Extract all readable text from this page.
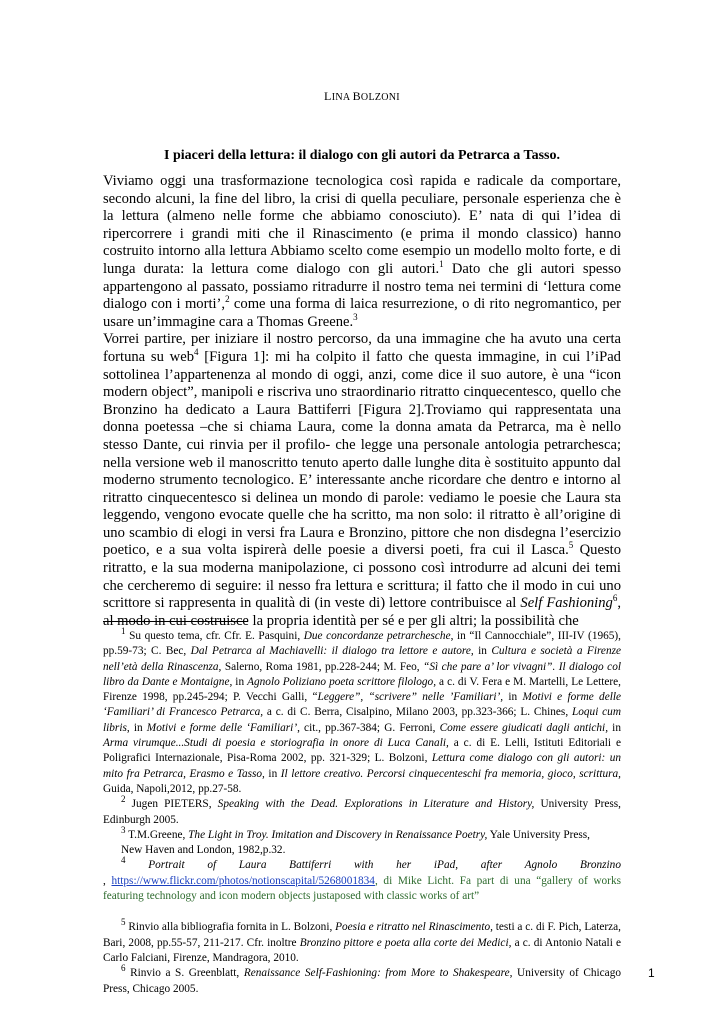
LINA BOLZONI
I piaceri della lettura: il dialogo con gli autori da Petrarca a Tasso.

Viviamo oggi una trasformazione tecnologica così rapida e radicale da comportare, secondo alcuni, la fine del libro, la crisi di quella peculiare, personale esperienza che è la lettura (almeno nelle forme che abbiamo conosciuto). E’ nata di qui l’idea di ripercorrere i grandi miti che il Rinascimento (e prima il mondo classico) hanno costruito intorno alla lettura Abbiamo scelto come esempio un modello molto forte, e di lunga durata: la lettura come dialogo con gli autori.$^1$ Dato che gli autori spesso appartengono al passato, possiamo ritradurre il nostro tema nei termini di ‘lettura come dialogo con i morti’,$^2$ come una forma di laica resurrezione, o di rito negromantico, per usare un’immagine cara a Thomas Greene.$^3$

Vorrei partire, per iniziare il nostro percorso, da una immagine che ha avuto una certa fortuna su web$^4$ [Figura 1]: mi ha colpito il fatto che questa immagine, in cui l’iPad sottolinea l’appartenenza al mondo di oggi, anzi, come dice il suo autore, è una “icon modern object”, manipoli e riscriva uno straordinario ritratto cinquecentesco, quello che Bronzino ha dedicato a Laura Battiferri [Figura 2].Troviamo qui rappresentata una donna poetessa –che si chiama Laura, come la donna amata da Petrarca, ma è nello stesso Dante, cui rinvia per il profilo- che legge una personale antologia petrarchesca; nella versione web il manoscritto tenuto aperto dalle lunghe dita è sostituito appunto dal moderno strumento tecnologico. E’ interessante anche ricordare che dentro e intorno al ritratto cinquecentesco si delinea un mondo di parole: vediamo le poesie che Laura sta leggendo, vengono evocate quelle che ha scritto, ma non solo: il ritratto è all’origine di uno scambio di elogi in versi fra Laura e Bronzino, pittore che non disdegna l’esercizio poetico, e a sua volta ispirerà delle poesie a diversi poeti, fra cui il Lasca.$^5$ Questo ritratto, e la sua moderna manipolazione, ci possono così introdurre ad alcuni dei temi che cercheremo di seguire: il nesso fra lettura e scrittura; il fatto che il modo in cui uno scrittore si rappresenta in qualità di (in veste di) lettore contribuisce al Self Fashioning$^6$, al modo in cui costruisce la propria identità per sé e per gli altri; la possibilità che

$^1$ Su questo tema, cfr. Cfr. E. Pasquini, Due concordanze petrarchesche, in “Il Cannocchiale”, III-IV (1965), pp.59-73; C. Bec, Dal Petrarca al Machiavelli: il dialogo tra lettore e autore, in Cultura e società a Firenze nell’età della Rinascenza, Salerno, Roma 1981, pp.228-244; M. Feo, “Sì che pare a’ lor vivagni”. Il dialogo col libro da Dante e Montaigne, in Agnolo Poliziano poeta scrittore filologo, a c. di V. Fera e M. Martelli, Le Lettere, Firenze 1998, pp.245-294; P. Vecchi Galli, “Leggere”, “scrivere” nelle ’Familiari’, in Motivi e forme delle ‘Familiari’ di Francesco Petrarca, a c. di C. Berra, Cisalpino, Milano 2003, pp.323-366; L. Chines, Loqui cum libris, in Motivi e forme delle ‘Familiari’, cit., pp.367-384; G. Ferroni, Come essere giudicati dagli antichi, in Arma virumque...Studi di poesia e storiografia in onore di Luca Canali, a c. di E. Lelli, Istituti Editoriali e Poligrafici Internazionale, Pisa-Roma 2002, pp. 321-329; L. Bolzoni, Lettura come dialogo con gli autori: un mito fra Petrarca, Erasmo e Tasso, in Il lettore creativo. Percorsi cinquecenteschi fra memoria, gioco, scrittura, Guida, Napoli,2012, pp.27-58.

$^2$ Jugen PIETERS, Speaking with the Dead. Explorations in Literature and History, University Press, Edinburgh 2005.

$^3$ T.M.Greene, The Light in Troy. Imitation and Discovery in Renaissance Poetry, Yale University Press,
New Haven and London, 1982,p.32.

$^4$ Portrait of Laura Battiferri with her iPad, after Agnolo Bronzino
, https://www.flickr.com/photos/notionscapital/5268001834, di Mike Licht. Fa part di una “gallery of works featuring technology and icon modern objects justaposed with classic works of art”

$^5$ Rinvio alla bibliografia fornita in L. Bolzoni, Poesia e ritratto nel Rinascimento, testi a c. di F. Pich, Laterza, Bari, 2008, pp.55-57, 211-217. Cfr. inoltre Bronzino pittore e poeta alla corte dei Medici, a c. di Antonio Natali e Carlo Falciani, Firenze, Mandragora, 2010.

$^6$ Rinvio a S. Greenblatt, Renaissance Self-Fashioning: from More to Shakespeare, University of Chicago Press, Chicago 2005.

1
